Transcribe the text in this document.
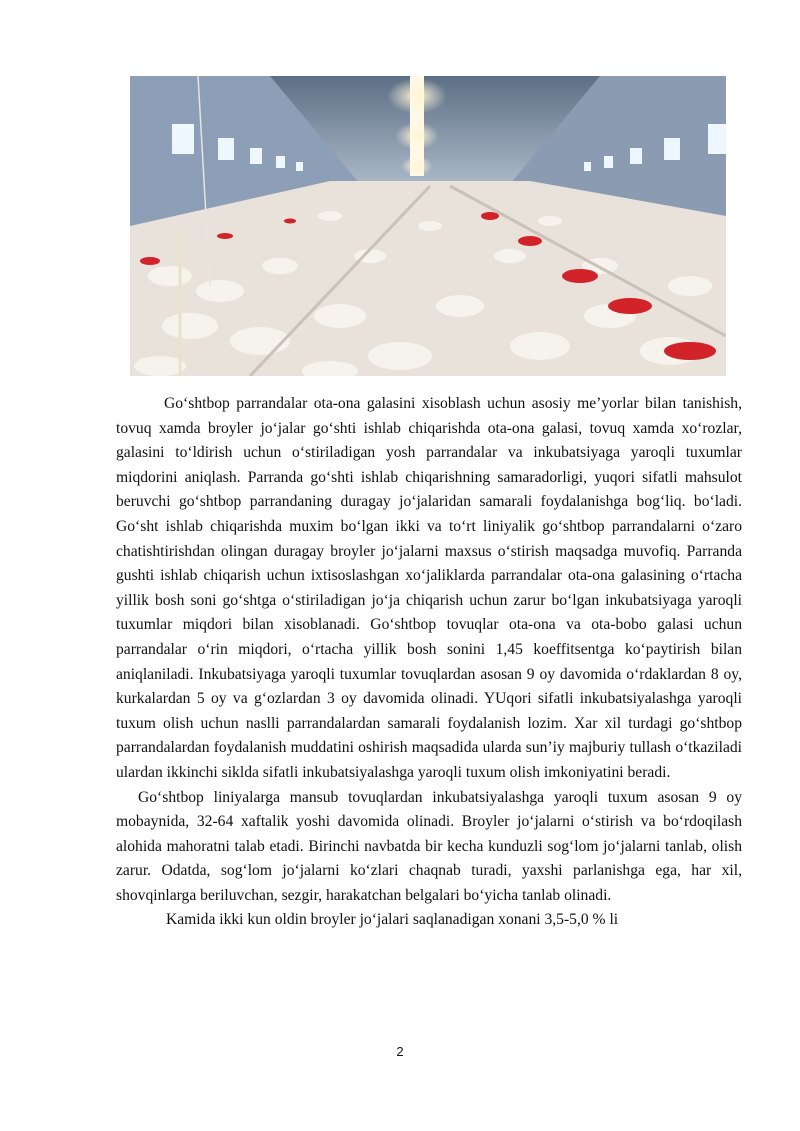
Go‘shtbop parrandalar ota-ona galasini xisoblash uchun asosiy me’yorlar bilan tanishish, tovuq xamda broyler jo‘jalar go‘shti ishlab chiqarishda ota-ona galasi, tovuq xamda xo‘rozlar, galasini to‘ldirish uchun o‘stiriladigan yosh parrandalar va inkubatsiyaga yaroqli tuxumlar miqdorini aniqlash. Parranda go‘shti ishlab chiqarishning samaradorligi, yuqori sifatli mahsulot beruvchi go‘shtbop parrandaning duragay jo‘jalaridan samarali foydalanishga bog‘liq. bo‘ladi. Go‘sht ishlab chiqarishda muxim bo‘lgan ikki va to‘rt liniyalik go‘shtbop parrandalarni o‘zaro chatishtirishdan olingan duragay broyler jo‘jalarni maxsus o‘stirish maqsadga muvofiq. Parranda gushti ishlab chiqarish uchun ixtisoslashgan xo‘jaliklarda parrandalar ota-ona galasining o‘rtacha yillik bosh soni go‘shtga o‘stiriladigan jo‘ja chiqarish uchun zarur bo‘lgan inkubatsiyaga yaroqli tuxumlar miqdori bilan xisoblanadi. Go‘shtbop tovuqlar ota-ona va ota-bobo galasi uchun parrandalar o‘rin miqdori, o‘rtacha yillik bosh sonini 1,45 koeffitsentga ko‘paytirish bilan aniqlaniladi. Inkubatsiyaga yaroqli tuxumlar tovuqlardan asosan 9 oy davomida o‘rdaklardan 8 oy, kurkalardan 5 oy va g‘ozlardan 3 oy davomida olinadi. YUqori sifatli inkubatsiyalashga yaroqli tuxum olish uchun naslli parrandalardan samarali foydalanish lozim. Xar xil turdagi go‘shtbop parrandalardan foydalanish muddatini oshirish maqsadida ularda sun’iy majburiy tullash o‘tkaziladi ulardan ikkinchi siklda sifatli inkubatsiyalashga yaroqli tuxum olish imkoniyatini beradi.

Go‘shtbop liniyalarga mansub tovuqlardan inkubatsiyalashga yaroqli tuxum asosan 9 oy mobaynida, 32-64 xaftalik yoshi davomida olinadi. Broyler jo‘jalarni o‘stirish va bo‘rdoqilash alohida mahoratni talab etadi. Birinchi navbatda bir kecha kunduzli sog‘lom jo‘jalarni tanlab, olish zarur. Odatda, sog‘lom jo‘jalarni ko‘zlari chaqnab turadi, yaxshi parlanishga ega, har xil, shovqinlarga beriluvchan, sezgir, harakatchan belgalari bo‘yicha tanlab olinadi.

Kamida ikki kun oldin broyler jo‘jalari saqlanadigan xonani 3,5-5,0 % li

2
